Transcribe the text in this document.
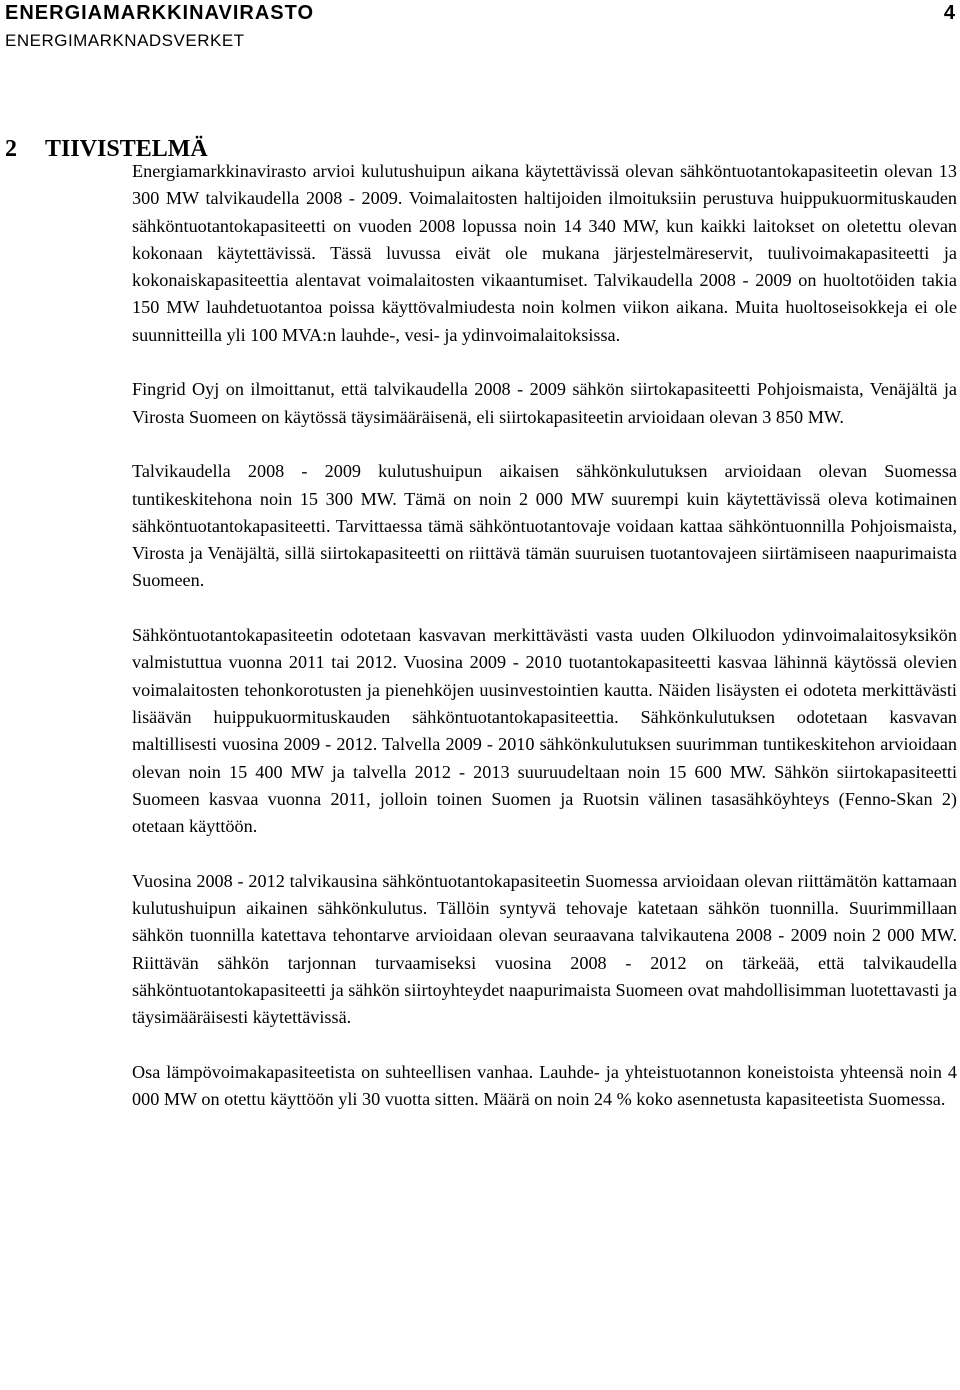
ENERGIAMARKKINAVIRASTO	4
ENERGIMARKNADSVERKET
2 TIIVISTELMÄ

Energiamarkkinavirasto arvioi kulutushuipun aikana käytettävissä olevan sähköntuotantokapasiteetin olevan 13 300 MW talvikaudella 2008 - 2009. Voimalaitosten haltijoiden ilmoituksiin perustuva huippukuormituskauden sähköntuotantokapasiteetti on vuoden 2008 lopussa noin 14 340 MW, kun kaikki laitokset on oletettu olevan kokonaan käytettävissä. Tässä luvussa eivät ole mukana järjestelmäreservit, tuulivoimakapasiteetti ja kokonaiskapasiteettia alentavat voimalaitosten vikaantumiset. Talvikaudella 2008 - 2009 on huoltotöiden takia 150 MW lauhdetuotantoa poissa käyttövalmiudesta noin kolmen viikon aikana. Muita huoltoseisokkeja ei ole suunnitteilla yli 100 MVA:n lauhde-, vesi- ja ydinvoimalaitoksissa.

Fingrid Oyj on ilmoittanut, että talvikaudella 2008 - 2009 sähkön siirtokapasiteetti Pohjoismaista, Venäjältä ja Virosta Suomeen on käytössä täysimääräisenä, eli siirtokapasiteetin arvioidaan olevan 3 850 MW.

Talvikaudella 2008 - 2009 kulutushuipun aikaisen sähkönkulutuksen arvioidaan olevan Suomessa tuntikeskitehona noin 15 300 MW. Tämä on noin 2 000 MW suurempi kuin käytettävissä oleva kotimainen sähköntuotantokapasiteetti. Tarvittaessa tämä sähköntuotantovaje voidaan kattaa sähköntuonnilla Pohjoismaista, Virosta ja Venäjältä, sillä siirtokapasiteetti on riittävä tämän suuruisen tuotantovajeen siirtämiseen naapurimaista Suomeen.

Sähköntuotantokapasiteetin odotetaan kasvavan merkittävästi vasta uuden Olkiluodon ydinvoimalaitosyksikön valmistuttua vuonna 2011 tai 2012. Vuosina 2009 - 2010 tuotantokapasiteetti kasvaa lähinnä käytössä olevien voimalaitosten tehonkorotusten ja pienehköjen uusinvestointien kautta. Näiden lisäysten ei odoteta merkittävästi lisäävän huippukuormituskauden sähköntuotantokapasiteettia. Sähkönkulutuksen odotetaan kasvavan maltillisesti vuosina 2009 - 2012. Talvella 2009 - 2010 sähkönkulutuksen suurimman tuntikeskitehon arvioidaan olevan noin 15 400 MW ja talvella 2012 - 2013 suuruudeltaan noin 15 600 MW. Sähkön siirtokapasiteetti Suomeen kasvaa vuonna 2011, jolloin toinen Suomen ja Ruotsin välinen tasasähköyhteys (Fenno-Skan 2) otetaan käyttöön.

Vuosina 2008 - 2012 talvikausina sähköntuotantokapasiteetin Suomessa arvioidaan olevan riittämätön kattamaan kulutushuipun aikainen sähkönkulutus. Tällöin syntyvä tehovaje katetaan sähkön tuonnilla. Suurimmillaan sähkön tuonnilla katettava tehontarve arvioidaan olevan seuraavana talvikautena 2008 - 2009 noin 2 000 MW. Riittävän sähkön tarjonnan turvaamiseksi vuosina 2008 - 2012 on tärkeää, että talvikaudella sähköntuotantokapasiteetti ja sähkön siirtoyhteydet naapurimaista Suomeen ovat mahdollisimman luotettavasti ja täysimääräisesti käytettävissä.

Osa lämpövoimakapasiteetista on suhteellisen vanhaa. Lauhde- ja yhteistuotannon koneistoista yhteensä noin 4 000 MW on otettu käyttöön yli 30 vuotta sitten. Määrä on noin 24 % koko asennetusta kapasiteetista Suomessa.
